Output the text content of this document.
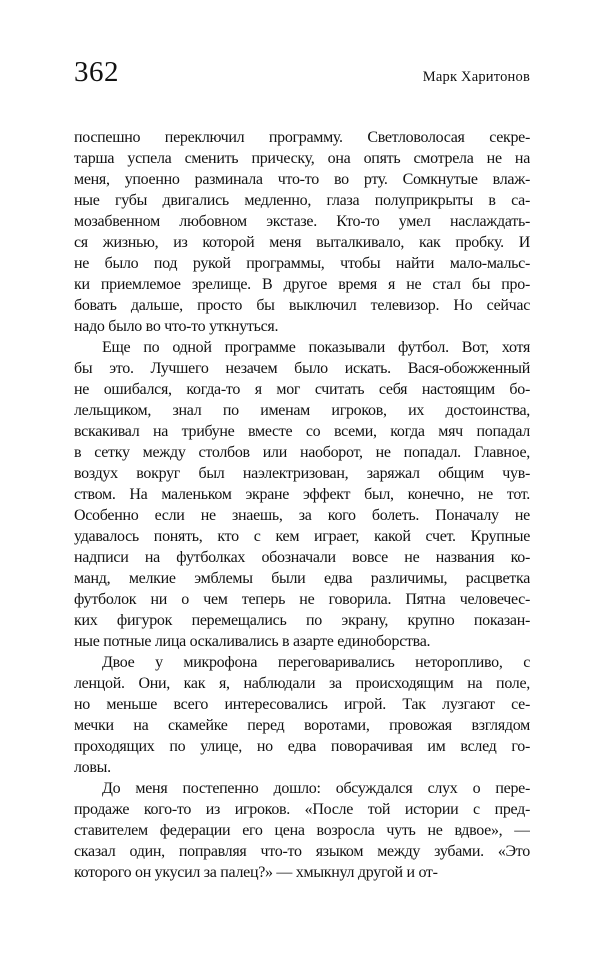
362	Марк Харитонов
поспешно переключил программу. Светловолосая секре-
тарша успела сменить прическу, она опять смотрела не на
меня, упоенно разминала что-то во рту. Сомкнутые влаж-
ные губы двигались медленно, глаза полуприкрыты в са-
мозабвенном любовном экстазе. Кто-то умел наслаждать-
ся жизнью, из которой меня выталкивало, как пробку. И
не было под рукой программы, чтобы найти мало-мальс-
ки приемлемое зрелище. В другое время я не стал бы про-
бовать дальше, просто бы выключил телевизор. Но сейчас
надо было во что-то уткнуться.
Еще по одной программе показывали футбол. Вот, хотя
бы это. Лучшего незачем было искать. Вася-обожженный
не ошибался, когда-то я мог считать себя настоящим бо-
лельщиком, знал по именам игроков, их достоинства,
вскакивал на трибуне вместе со всеми, когда мяч попадал
в сетку между столбов или наоборот, не попадал. Главное,
воздух вокруг был наэлектризован, заряжал общим чув-
ством. На маленьком экране эффект был, конечно, не тот.
Особенно если не знаешь, за кого болеть. Поначалу не
удавалось понять, кто с кем играет, какой счет. Крупные
надписи на футболках обозначали вовсе не названия ко-
манд, мелкие эмблемы были едва различимы, расцветка
футболок ни о чем теперь не говорила. Пятна человечес-
ких фигурок перемещались по экрану, крупно показан-
ные потные лица оскаливались в азарте единоборства.
Двое у микрофона переговаривались неторопливо, с
ленцой. Они, как я, наблюдали за происходящим на поле,
но меньше всего интересовались игрой. Так лузгают се-
мечки на скамейке перед воротами, провожая взглядом
проходящих по улице, но едва поворачивая им вслед го-
ловы.
До меня постепенно дошло: обсуждался слух о пере-
продаже кого-то из игроков. «После той истории с пред-
ставителем федерации его цена возросла чуть не вдвое», —
сказал один, поправляя что-то языком между зубами. «Это
которого он укусил за палец?» — хмыкнул другой и от-
